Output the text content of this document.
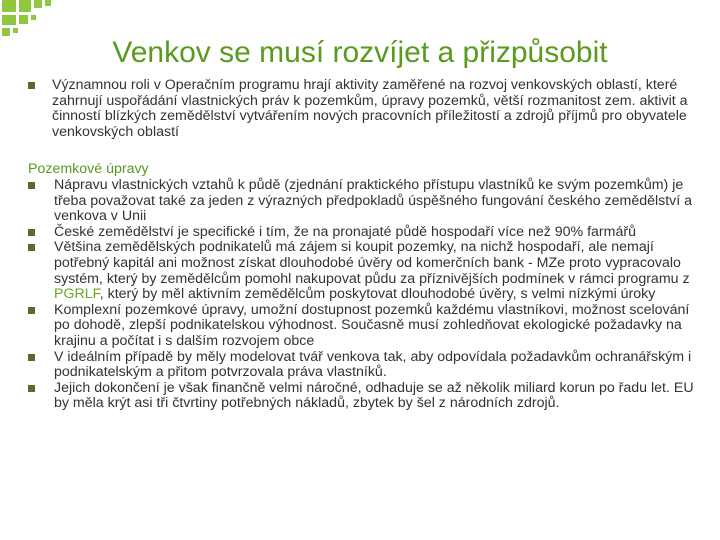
Venkov se musí rozvíjet a přizpůsobit
Významnou roli v Operačním programu hrají aktivity zaměřené na rozvoj venkovských oblastí, které zahrnují uspořádání vlastnických práv k pozemkům, úpravy pozemků, větší rozmanitost zem. aktivit a činností blízkých zemědělství vytvářením nových pracovních příležitostí a zdrojů příjmů pro obyvatele venkovských oblastí
Pozemkové úpravy
Nápravu vlastnických vztahů k půdě (zjednání praktického přístupu vlastníků ke svým pozemkům) je třeba považovat také za jeden z výrazných předpokladů úspěšného fungování českého zemědělství a venkova v Unii
České zemědělství je specifické i tím, že na pronajaté půdě hospodaří více než 90% farmářů
Většina zemědělských podnikatelů má zájem si koupit pozemky, na nichž hospodaří, ale nemají potřebný kapitál ani možnost získat dlouhodobé úvěry od komerčních bank - MZe proto vypracovalo systém, který by zemědělcům pomohl nakupovat půdu za příznivějších podmínek v rámci programu z PGRLF, který by měl aktivním zemědělcům poskytovat dlouhodobé úvěry, s velmi nízkými úroky
Komplexní pozemkové úpravy, umožní dostupnost pozemků každému vlastníkovi, možnost scelování po dohodě, zlepší podnikatelskou výhodnost. Současně musí zohledňovat ekologické požadavky na krajinu a počítat i s dalším rozvojem obce
V ideálním případě by měly modelovat tvář venkova tak, aby odpovídala požadavkům ochranářským i podnikatelským a přitom potvrzovala práva vlastníků.
Jejich dokončení je však finančně velmi náročné, odhaduje se až několik miliard korun po řadu let. EU by měla krýt asi tři čtvrtiny potřebných nákladů, zbytek by šel z národních zdrojů.
